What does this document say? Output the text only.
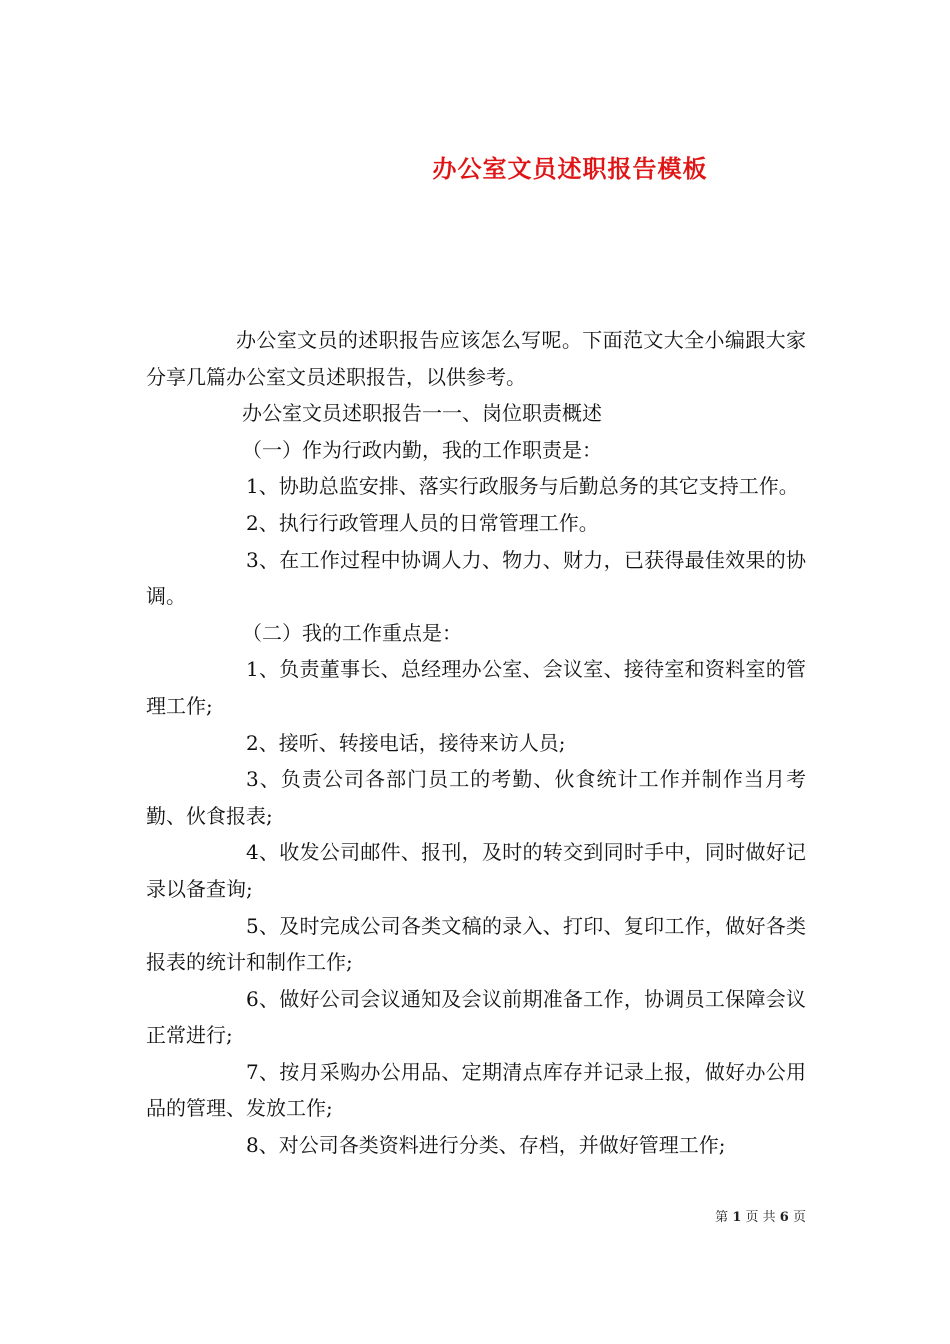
办公室文员述职报告模板

办公室文员的述职报告应该怎么写呢。下面范文大全小编跟大家分享几篇办公室文员述职报告，以供参考。

办公室文员述职报告一一、岗位职责概述

（一）作为行政内勤，我的工作职责是：

1、协助总监安排、落实行政服务与后勤总务的其它支持工作。

2、执行行政管理人员的日常管理工作。

3、在工作过程中协调人力、物力、财力，已获得最佳效果的协调。

（二）我的工作重点是：

1、负责董事长、总经理办公室、会议室、接待室和资料室的管理工作;

2、接听、转接电话，接待来访人员;

3、负责公司各部门员工的考勤、伙食统计工作并制作当月考勤、伙食报表;

4、收发公司邮件、报刊，及时的转交到同时手中，同时做好记录以备查询;

5、及时完成公司各类文稿的录入、打印、复印工作，做好各类报表的统计和制作工作;

6、做好公司会议通知及会议前期准备工作，协调员工保障会议正常进行;

7、按月采购办公用品、定期清点库存并记录上报，做好办公用品的管理、发放工作;

8、对公司各类资料进行分类、存档，并做好管理工作;

第 1 页 共 6 页
